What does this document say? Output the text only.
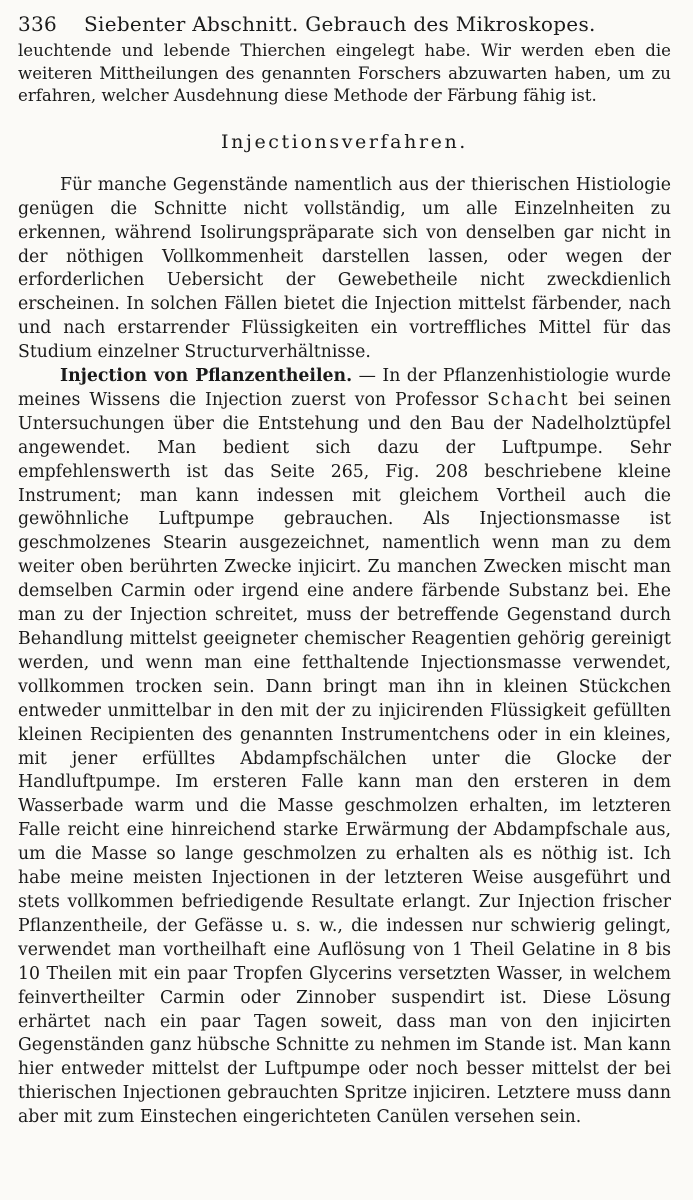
336	Siebenter Abschnitt. Gebrauch des Mikroskopes.

leuchtende und lebende Thierchen eingelegt habe. Wir werden eben die weiteren Mittheilungen des genannten Forschers abzuwarten haben, um zu erfahren, welcher Ausdehnung diese Methode der Färbung fähig ist.

Injectionsverfahren.

Für manche Gegenstände namentlich aus der thierischen Histiologie genügen die Schnitte nicht vollständig, um alle Einzelnheiten zu erkennen, während Isolirungspräparate sich von denselben gar nicht in der nöthigen Vollkommenheit darstellen lassen, oder wegen der erforderlichen Uebersicht der Gewebetheile nicht zweckdienlich erscheinen. In solchen Fällen bietet die Injection mittelst färbender, nach und nach erstarrender Flüssigkeiten ein vortreffliches Mittel für das Studium einzelner Structurverhältnisse.

Injection von Pflanzentheilen. — In der Pflanzenhistiologie wurde meines Wissens die Injection zuerst von Professor Schacht bei seinen Untersuchungen über die Entstehung und den Bau der Nadelholztüpfel angewendet. Man bedient sich dazu der Luftpumpe. Sehr empfehlenswerth ist das Seite 265, Fig. 208 beschriebene kleine Instrument; man kann indessen mit gleichem Vortheil auch die gewöhnliche Luftpumpe gebrauchen. Als Injectionsmasse ist geschmolzenes Stearin ausgezeichnet, namentlich wenn man zu dem weiter oben berührten Zwecke injicirt. Zu manchen Zwecken mischt man demselben Carmin oder irgend eine andere färbende Substanz bei. Ehe man zu der Injection schreitet, muss der betreffende Gegenstand durch Behandlung mittelst geeigneter chemischer Reagentien gehörig gereinigt werden, und wenn man eine fetthaltende Injectionsmasse verwendet, vollkommen trocken sein. Dann bringt man ihn in kleinen Stückchen entweder unmittelbar in den mit der zu injicirenden Flüssigkeit gefüllten kleinen Recipienten des genannten Instrumentchens oder in ein kleines, mit jener erfülltes Abdampfschälchen unter die Glocke der Handluftpumpe. Im ersteren Falle kann man den ersteren in dem Wasserbade warm und die Masse geschmolzen erhalten, im letzteren Falle reicht eine hinreichend starke Erwärmung der Abdampfschale aus, um die Masse so lange geschmolzen zu erhalten als es nöthig ist. Ich habe meine meisten Injectionen in der letzteren Weise ausgeführt und stets vollkommen befriedigende Resultate erlangt. Zur Injection frischer Pflanzentheile, der Gefässe u. s. w., die indessen nur schwierig gelingt, verwendet man vortheilhaft eine Auflösung von 1 Theil Gelatine in 8 bis 10 Theilen mit ein paar Tropfen Glycerins versetzten Wasser, in welchem feinvertheilter Carmin oder Zinnober suspendirt ist. Diese Lösung erhärtet nach ein paar Tagen soweit, dass man von den injicirten Gegenständen ganz hübsche Schnitte zu nehmen im Stande ist. Man kann hier entweder mittelst der Luftpumpe oder noch besser mittelst der bei thierischen Injectionen gebrauchten Spritze injiciren. Letztere muss dann aber mit zum Einstechen eingerichteten Canülen versehen sein.
